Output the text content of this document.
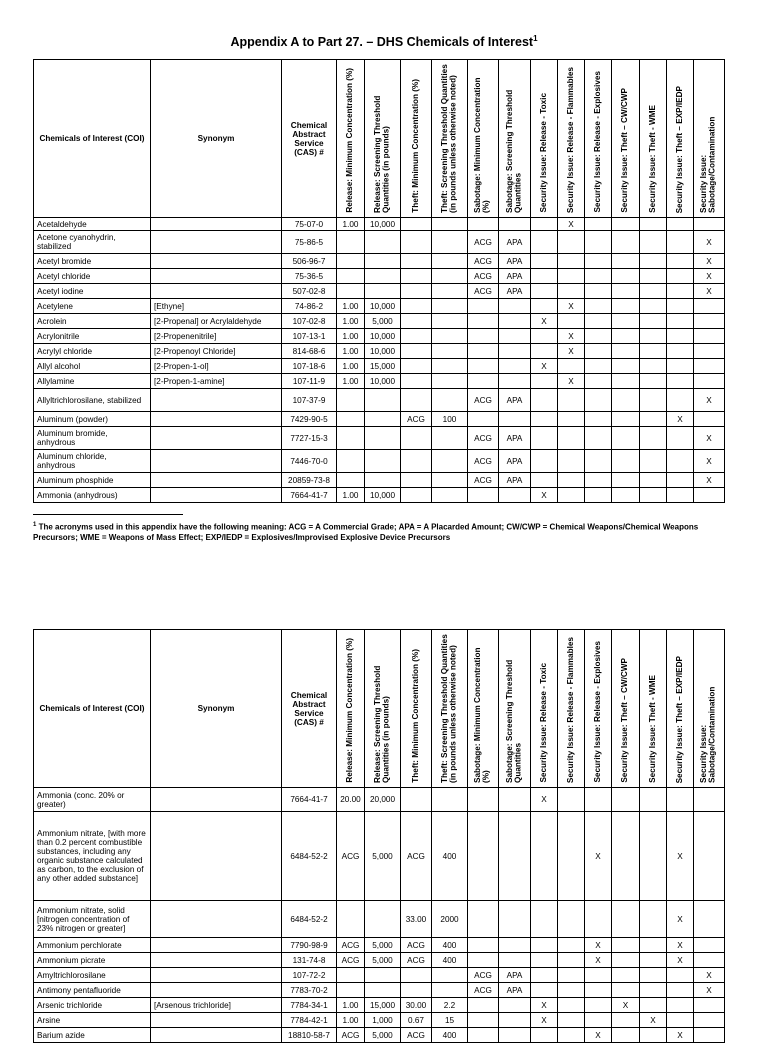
Appendix A to Part 27. – DHS Chemicals of Interest$^1$
Chemicals of Interest (COI)	Synonym	Chemical Abstract Service (CAS) #	Release: Minimum Concentration (%)	Release: Screening Threshold Quantities (in pounds)	Theft: Minimum Concentration (%)	Theft: Screening Threshold Quantities (in pounds unless otherwise noted)	Sabotage: Minimum Concentration (%)	Sabotage: Screening Threshold Quantities	Security Issue: Release - Toxic	Security Issue: Release - Flammables	Security Issue: Release - Explosives	Security Issue: Theft – CW/CWP	Security Issue: Theft - WME	Security Issue: Theft – EXP/IEDP	Security Issue: Sabotage/Contamination

Acetaldehyde		75-07-0	1.00	10,000						X					
Acetone cyanohydrin, stabilized		75-86-5					ACG	APA							X
Acetyl bromide		506-96-7					ACG	APA							X
Acetyl chloride		75-36-5					ACG	APA							X
Acetyl iodine		507-02-8					ACG	APA							X
Acetylene	[Ethyne]	74-86-2	1.00	10,000						X					
Acrolein	[2-Propenal] or Acrylaldehyde	107-02-8	1.00	5,000					X						
Acrylonitrile	[2-Propenenitrile]	107-13-1	1.00	10,000						X					
Acrylyl chloride	[2-Propenoyl Chloride]	814-68-6	1.00	10,000						X					
Allyl alcohol	[2-Propen-1-ol]	107-18-6	1.00	15,000					X						
Allylamine	[2-Propen-1-amine]	107-11-9	1.00	10,000						X					
Allyltrichlorosilane, stabilized		107-37-9					ACG	APA							X
Aluminum (powder)		7429-90-5			ACG	100								X	
Aluminum bromide, anhydrous		7727-15-3					ACG	APA							X
Aluminum chloride, anhydrous		7446-70-0					ACG	APA							X
Aluminum phosphide		20859-73-8					ACG	APA							X
Ammonia (anhydrous)		7664-41-7	1.00	10,000					X						
$^1$ The acronyms used in this appendix have the following meaning: ACG = A Commercial Grade; APA = A Placarded Amount; CW/CWP = Chemical Weapons/Chemical Weapons Precursors; WME = Weapons of Mass Effect; EXP/IEDP = Explosives/Improvised Explosive Device Precursors
Chemicals of Interest (COI)	Synonym	Chemical Abstract Service (CAS) #	Release: Minimum Concentration (%)	Release: Screening Threshold Quantities (in pounds)	Theft: Minimum Concentration (%)	Theft: Screening Threshold Quantities (in pounds unless otherwise noted)	Sabotage: Minimum Concentration (%)	Sabotage: Screening Threshold Quantities	Security Issue: Release - Toxic	Security Issue: Release - Flammables	Security Issue: Release - Explosives	Security Issue: Theft – CW/CWP	Security Issue: Theft - WME	Security Issue: Theft – EXP/IEDP	Security Issue: Sabotage/Contamination

Ammonia (conc. 20% or greater)		7664-41-7	20.00	20,000					X						
Ammonium nitrate, [with more than 0.2 percent combustible substances, including any organic substance calculated as carbon, to the exclusion of any other added substance]		6484-52-2	ACG	5,000	ACG	400					X			X	
Ammonium nitrate, solid [nitrogen concentration of 23% nitrogen or greater]		6484-52-2			33.00	2000								X	
Ammonium perchlorate		7790-98-9	ACG	5,000	ACG	400					X			X	
Ammonium picrate		131-74-8	ACG	5,000	ACG	400					X			X	
Amyltrichlorosilane		107-72-2					ACG	APA							X
Antimony pentafluoride		7783-70-2					ACG	APA							X
Arsenic trichloride	[Arsenous trichloride]	7784-34-1	1.00	15,000	30.00	2.2			X			X			
Arsine		7784-42-1	1.00	1,000	0.67	15			X				X		
Barium azide		18810-58-7	ACG	5,000	ACG	400					X			X	
